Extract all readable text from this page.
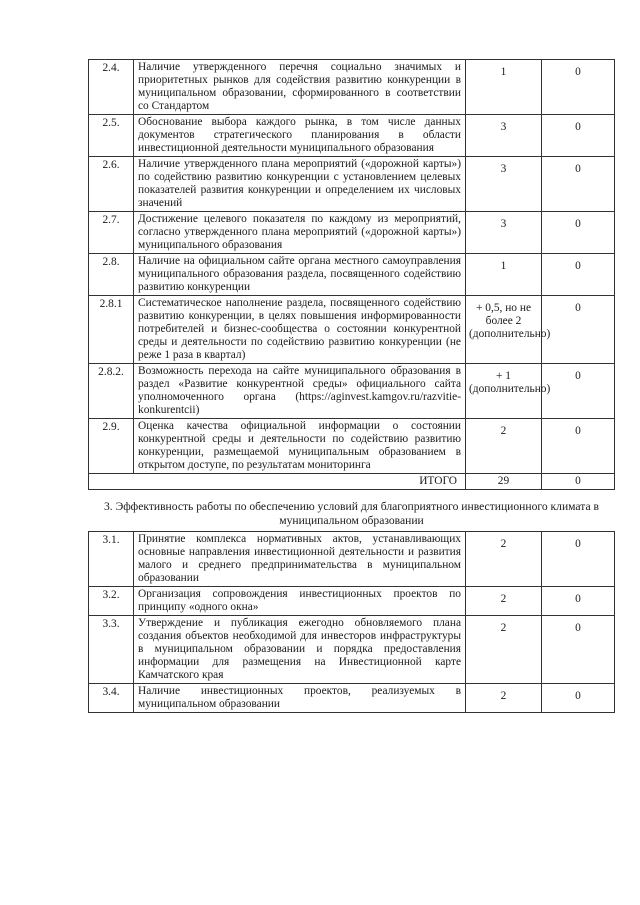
2.4.	Наличие утвержденного перечня социально значимых и приоритетных рынков для содействия развитию конкуренции в муниципальном образовании, сформированного в соответствии со Стандартом	1	0
2.5.	Обоснование выбора каждого рынка, в том числе данных документов стратегического планирования в области инвестиционной деятельности муниципального образования	3	0
2.6.	Наличие утвержденного плана мероприятий («дорожной карты») по содействию развитию конкуренции с установлением целевых показателей развития конкуренции и определением их числовых значений	3	0
2.7.	Достижение целевого показателя по каждому из мероприятий, согласно утвержденного плана мероприятий («дорожной карты») муниципального образования	3	0
2.8.	Наличие на официальном сайте органа местного самоуправления муниципального образования раздела, посвященного содействию развитию конкуренции	1	0
2.8.1	Систематическое наполнение раздела, посвященного содействию развитию конкуренции, в целях повышения информированности потребителей и бизнес-сообщества о состоянии конкурентной среды и деятельности по содействию развитию конкуренции (не реже 1 раза в квартал)	+ 0,5, но не более 2 (дополнительно)	0
2.8.2.	Возможность перехода на сайте муниципального образования в раздел «Развитие конкурентной среды» официального сайта уполномоченного органа (https://aginvest.kamgov.ru/razvitie-konkurentcii)	+ 1 (дополнительно)	0
2.9.	Оценка качества официальной информации о состоянии конкурентной среды и деятельности по содействию развитию конкуренции, размещаемой муниципальным образованием в открытом доступе, по результатам мониторинга	2	0
ИТОГО		29	0
3. Эффективность работы по обеспечению условий для благоприятного инвестиционного климата в муниципальном образовании			
3.1.	Принятие комплекса нормативных актов, устанавливающих основные направления инвестиционной деятельности и развития малого и среднего предпринимательства в муниципальном образовании	2	0
3.2.	Организация сопровождения инвестиционных проектов по принципу «одного окна»	2	0
3.3.	Утверждение и публикация ежегодно обновляемого плана создания объектов необходимой для инвесторов инфраструктуры в муниципальном образовании и порядка предоставления информации для размещения на Инвестиционной карте Камчатского края	2	0
3.4.	Наличие инвестиционных проектов, реализуемых в муниципальном образовании	2	0
